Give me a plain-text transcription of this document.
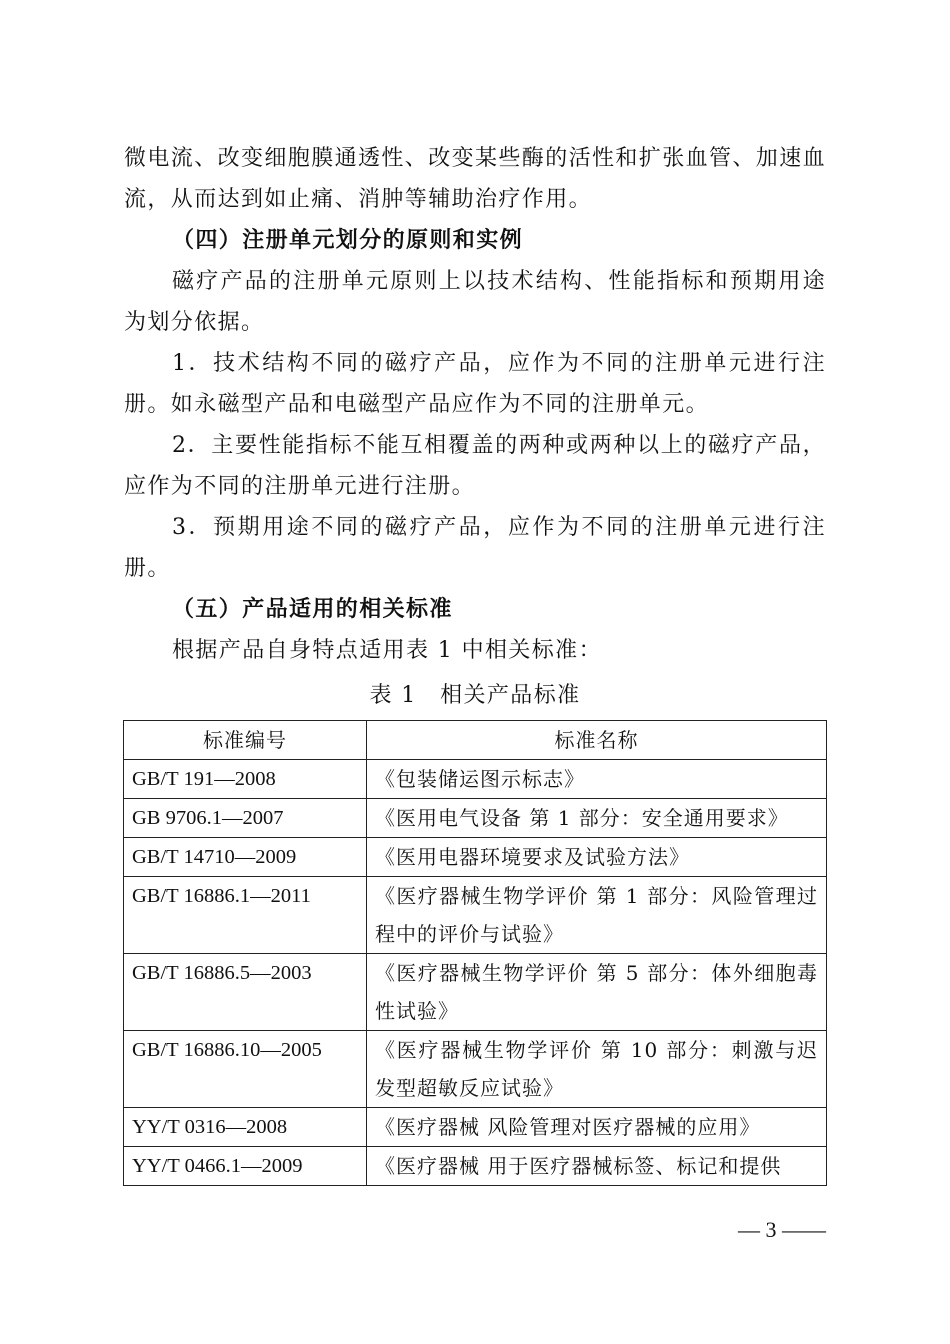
微电流、改变细胞膜通透性、改变某些酶的活性和扩张血管、加速血流，从而达到如止痛、消肿等辅助治疗作用。

（四）注册单元划分的原则和实例

磁疗产品的注册单元原则上以技术结构、性能指标和预期用途为划分依据。

1．技术结构不同的磁疗产品，应作为不同的注册单元进行注册。如永磁型产品和电磁型产品应作为不同的注册单元。

2．主要性能指标不能互相覆盖的两种或两种以上的磁疗产品，应作为不同的注册单元进行注册。

3．预期用途不同的磁疗产品，应作为不同的注册单元进行注册。

（五）产品适用的相关标准

根据产品自身特点适用表 1 中相关标准：

表 1　相关产品标准
标准编号	标准名称
GB/T 191—2008	《包装储运图示标志》
GB 9706.1—2007	《医用电气设备 第 1 部分：安全通用要求》
GB/T 14710—2009	《医用电器环境要求及试验方法》
GB/T 16886.1—2011	《医疗器械生物学评价 第 1 部分：风险管理过程中的评价与试验》
GB/T 16886.5—2003	《医疗器械生物学评价 第 5 部分：体外细胞毒性试验》
GB/T 16886.10—2005	《医疗器械生物学评价 第 10 部分：刺激与迟发型超敏反应试验》
YY/T 0316—2008	《医疗器械 风险管理对医疗器械的应用》
YY/T 0466.1—2009	《医疗器械 用于医疗器械标签、标记和提供
— 3 ——
